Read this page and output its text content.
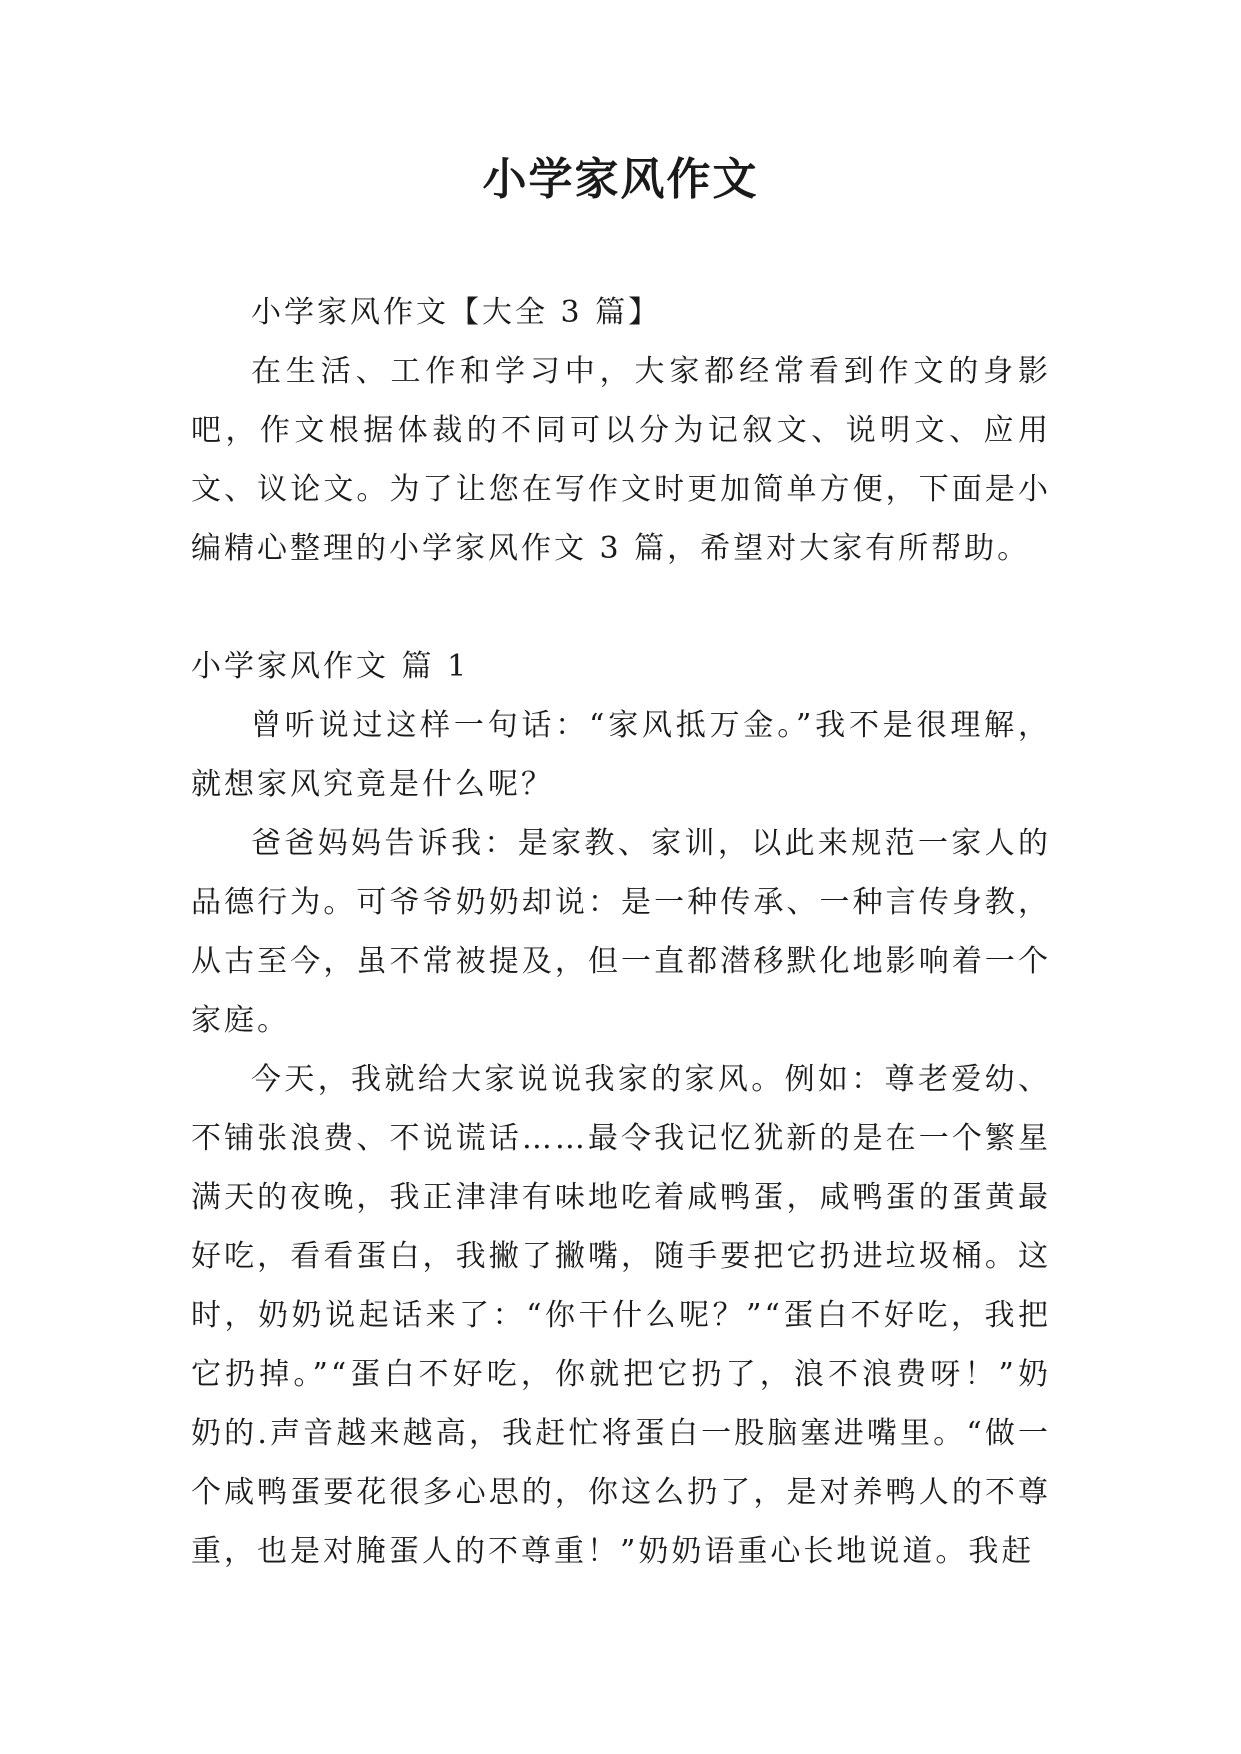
小学家风作文

小学家风作文【大全 3 篇】

在生活、工作和学习中，大家都经常看到作文的身影吧，作文根据体裁的不同可以分为记叙文、说明文、应用文、议论文。为了让您在写作文时更加简单方便，下面是小编精心整理的小学家风作文 3 篇，希望对大家有所帮助。

小学家风作文 篇 1

曾听说过这样一句话：“家风抵万金。”我不是很理解，就想家风究竟是什么呢？

爸爸妈妈告诉我：是家教、家训，以此来规范一家人的品德行为。可爷爷奶奶却说：是一种传承、一种言传身教，从古至今，虽不常被提及，但一直都潜移默化地影响着一个家庭。

今天，我就给大家说说我家的家风。例如：尊老爱幼、不铺张浪费、不说谎话……最令我记忆犹新的是在一个繁星满天的夜晚，我正津津有味地吃着咸鸭蛋，咸鸭蛋的蛋黄最好吃，看看蛋白，我撇了撇嘴，随手要把它扔进垃圾桶。这时，奶奶说起话来了：“你干什么呢？”“蛋白不好吃，我把它扔掉。”“蛋白不好吃，你就把它扔了，浪不浪费呀！”奶奶的.声音越来越高，我赶忙将蛋白一股脑塞进嘴里。“做一个咸鸭蛋要花很多心思的，你这么扔了，是对养鸭人的不尊重，也是对腌蛋人的不尊重！”奶奶语重心长地说道。我赶
